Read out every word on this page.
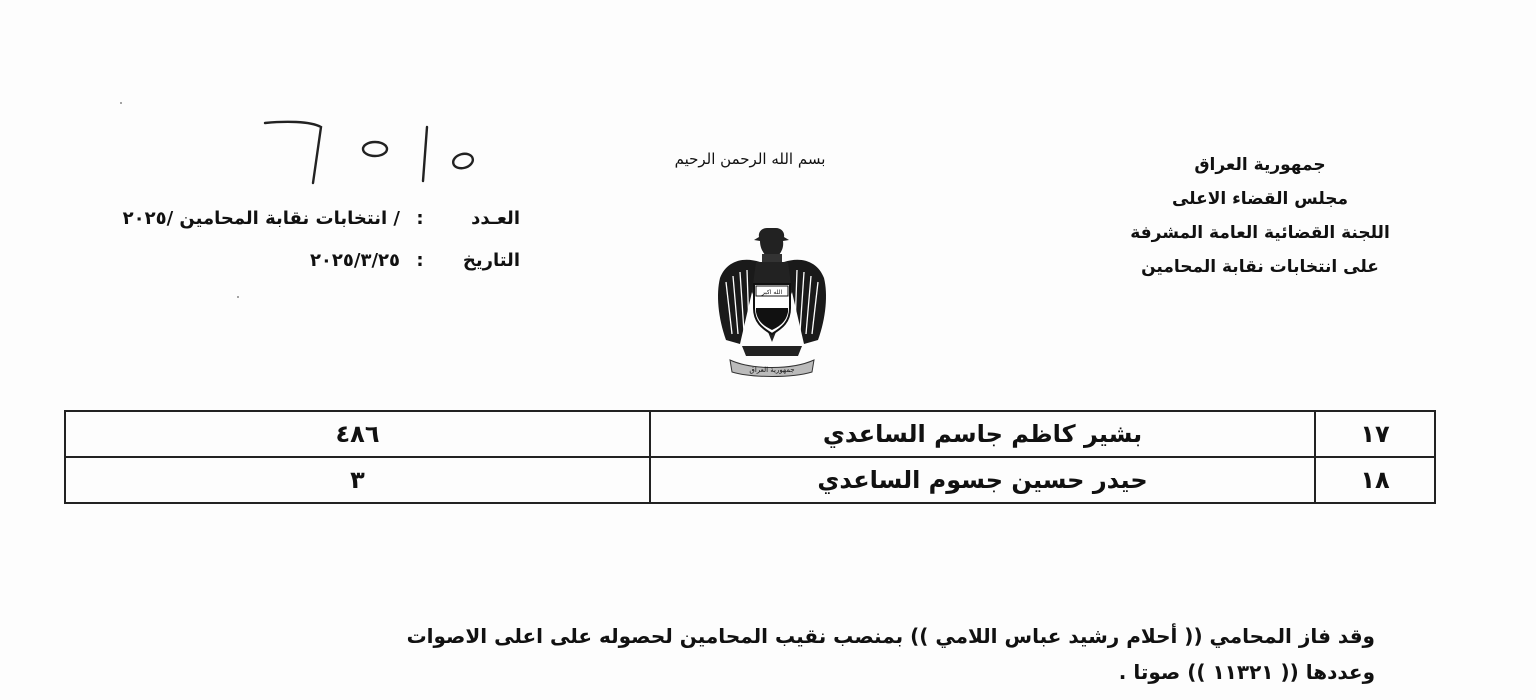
جمهورية العراق
مجلس القضاء الاعلى
اللجنة القضائية العامة المشرفة
على انتخابات نقابة المحامين
بسم الله الرحمن الرحيم
الله اكبر
جمهورية العراق
العـدد:/ انتخابات نقابة المحامين /٢٠٢٥
التاريخ:٢٠٢٥/٣/٢٥
١٧	بشير كاظم جاسم الساعدي	٤٨٦
١٨	حيدر حسين جسوم الساعدي	٣
وقد فاز المحامي (( أحلام رشيد عباس اللامي )) بمنصب نقيب المحامين لحصوله على اعلى الاصوات
وعددها (( ١١٣٢١ )) صوتا .
